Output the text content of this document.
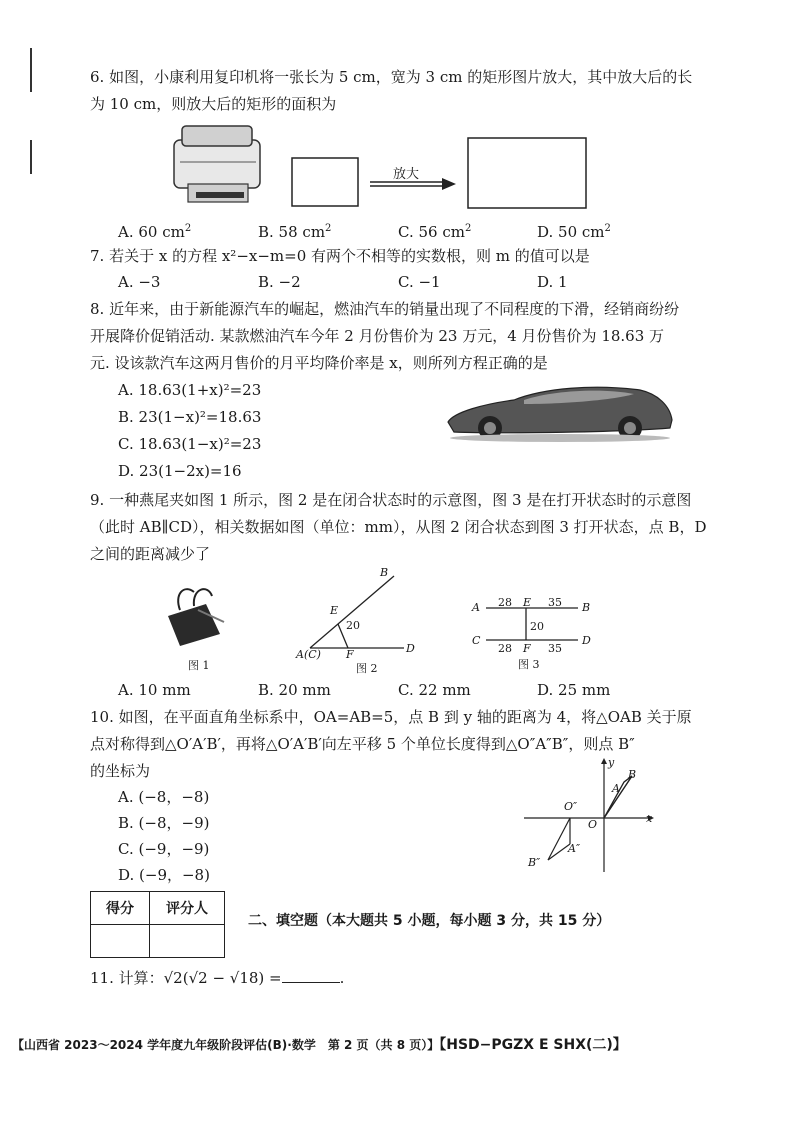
6. 如图，小康利用复印机将一张长为 5 cm，宽为 3 cm 的矩形图片放大，其中放大后的长
为 10 cm，则放大后的矩形的面积为
放大
A. 60 $cm^2$	B. 58 $cm^2$	C. 56 $cm^2$	D. 50 $cm^2$
7. 若关于 x 的方程 x²−x−m=0 有两个不相等的实数根，则 m 的值可以是
A. −3	B. −2	C. −1	D. 1
8. 近年来，由于新能源汽车的崛起，燃油汽车的销量出现了不同程度的下滑，经销商纷纷
开展降价促销活动. 某款燃油汽车今年 2 月份售价为 23 万元，4 月份售价为 18.63 万
元. 设该款汽车这两月售价的月平均降价率是 x，则所列方程正确的是
A. 18.63(1+x)²=23
B. 23(1−x)²=18.63
C. 18.63(1−x)²=23
D. 23(1−2x)=16
9. 一种燕尾夹如图 1 所示，图 2 是在闭合状态时的示意图，图 3 是在打开状态时的示意图
（此时 AB∥CD），相关数据如图（单位：mm），从图 2 闭合状态到图 3 打开状态，点 B，D
之间的距离减少了
图 1
B
E
20
A(C) F	D
图 2
A 28 E 35 B
20
C	D
28 F 35
图 3
A. 10 mm	B. 20 mm	C. 22 mm	D. 25 mm
10. 如图，在平面直角坐标系中，OA=AB=5，点 B 到 y 轴的距离为 4，将△OAB 关于原
点对称得到△O′A′B′，再将△O′A′B′向左平移 5 个单位长度得到△O″A″B″，则点 B″
的坐标为
A. (−8，−8)
B. (−8，−9)
C. (−9，−9)
D. (−9，−8)
y
B
A
O″
O	x
A″
B″
得分	评分人

二、填空题（本大题共 5 小题，每小题 3 分，共 15 分）
11. 计算：√2(√2 − √18) =	.
【山西省 2023～2024 学年度九年级阶段评估(B)·数学　第 2 页（共 8 页）】【HSD−PGZX E SHX(二)】
